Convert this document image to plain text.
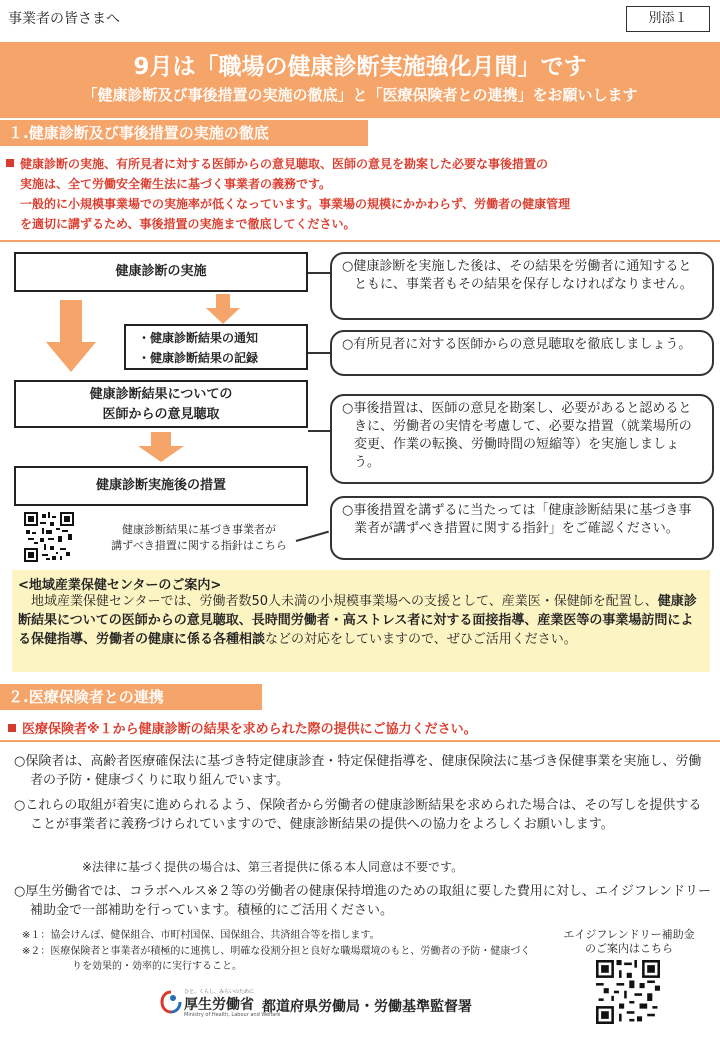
事業者の皆さまへ	別添１
9月は「職場の健康診断実施強化月間」です
「健康診断及び事後措置の実施の徹底」と「医療保険者との連携」をお願いします
１.健康診断及び事後措置の実施の徹底
健康診断の実施、有所見者に対する医師からの意見聴取、医師の意見を勘案した必要な事後措置の
実施は、全て労働安全衛生法に基づく事業者の義務です。
一般的に小規模事業場での実施率が低くなっています。事業場の規模にかかわらず、労働者の健康管理
を適切に講ずるため、事後措置の実施まで徹底してください。
健康診断の実施
・健康診断結果の通知
・健康診断結果の記録
健康診断結果についての
医師からの意見聴取
健康診断実施後の措置
○健康診断を実施した後は、その結果を労働者に通知するとともに、事業者もその結果を保存しなければなりません。
○有所見者に対する医師からの意見聴取を徹底しましょう。
○事後措置は、医師の意見を勘案し、必要があると認めるときに、労働者の実情を考慮して、必要な措置（就業場所の変更、作業の転換、労働時間の短縮等）を実施しましょう。
○事後措置を講ずるに当たっては「健康診断結果に基づき事業者が講ずべき措置に関する指針」をご確認ください。
健康診断結果に基づき事業者が
講ずべき措置に関する指針はこちら
<地域産業保健センターのご案内>
　地域産業保健センターでは、労働者数50人未満の小規模事業場への支援として、産業医・保健師を配置し、健康診断結果についての医師からの意見聴取、長時間労働者・高ストレス者に対する面接指導、産業医等の事業場訪問による保健指導、労働者の健康に係る各種相談などの対応をしていますので、ぜひご活用ください。
２.医療保険者との連携
医療保険者※１から健康診断の結果を求められた際の提供にご協力ください。
○保険者は、高齢者医療確保法に基づき特定健康診査・特定保健指導を、健康保険法に基づき保健事業を実施し、労働者の予防・健康づくりに取り組んでいます。
○これらの取組が着実に進められるよう、保険者から労働者の健康診断結果を求められた場合は、その写しを提供することが事業者に義務づけられていますので、健康診断結果の提供への協力をよろしくお願いします。
※法律に基づく提供の場合は、第三者提供に係る本人同意は不要です。
○厚生労働省では、コラボヘルス※２等の労働者の健康保持増進のための取組に要した費用に対し、エイジフレンドリー補助金で一部補助を行っています。積極的にご活用ください。
※１：協会けんぽ、健保組合、市町村国保、国保組合、共済組合等を指します。
※２：医療保険者と事業者が積極的に連携し、明確な役割分担と良好な職場環境のもと、労働者の予防・健康づくりを効果的・効率的に実行すること。
エイジフレンドリー補助金
のご案内はこちら
ひと、くらし、みらいのために
厚生労働省
Ministry of Health, Labour and Welfare
都道府県労働局・労働基準監督署
